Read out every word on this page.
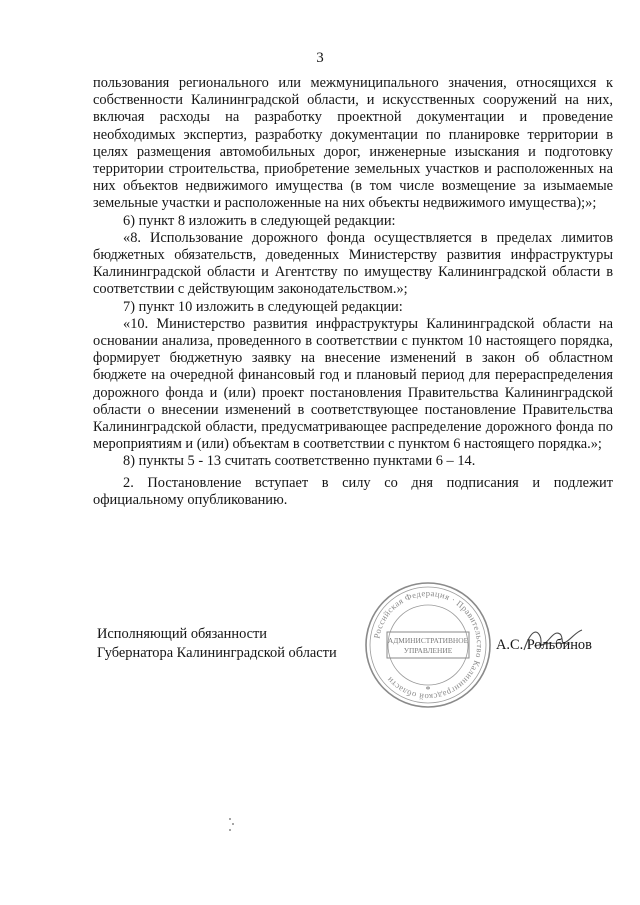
3

пользования регионального или межмуниципального значения, относящихся к собственности Калининградской области, и искусственных сооружений на них, включая расходы на разработку проектной документации и проведение необходимых экспертиз, разработку документации по планировке территории в целях размещения автомобильных дорог, инженерные изыскания и подготовку территории строительства, приобретение земельных участков и расположенных на них объектов недвижимого имущества (в том числе возмещение за изымаемые земельные участки и расположенные на них объекты недвижимого имущества);»;

6) пункт 8 изложить в следующей редакции:

«8. Использование дорожного фонда осуществляется в пределах лимитов бюджетных обязательств, доведенных Министерству развития инфраструктуры Калининградской области и Агентству по имуществу Калининградской области в соответствии с действующим законодательством.»;

7) пункт 10 изложить в следующей редакции:

«10. Министерство развития инфраструктуры Калининградской области на основании анализа, проведенного в соответствии с пунктом 10 настоящего порядка, формирует бюджетную заявку на внесение изменений в закон об областном бюджете на очередной финансовый год и плановый период для перераспределения дорожного фонда и (или) проект постановления Правительства Калининградской области о внесении изменений в соответствующее постановление Правительства Калининградской области, предусматривающее распределение дорожного фонда по мероприятиям и (или) объектам в соответствии с пунктом 6 настоящего порядка.»;

8) пункты 5 - 13 считать соответственно пунктами 6 – 14.

2. Постановление вступает в силу со дня подписания и подлежит официальному опубликованию.

Исполняющий обязанности
Губернатора Калининградской области
Российская Федерация · Правительство Калининградской области
АДМИНИСТРАТИВНОЕ
УПРАВЛЕНИЕ
*
А.С. Рольбинов
